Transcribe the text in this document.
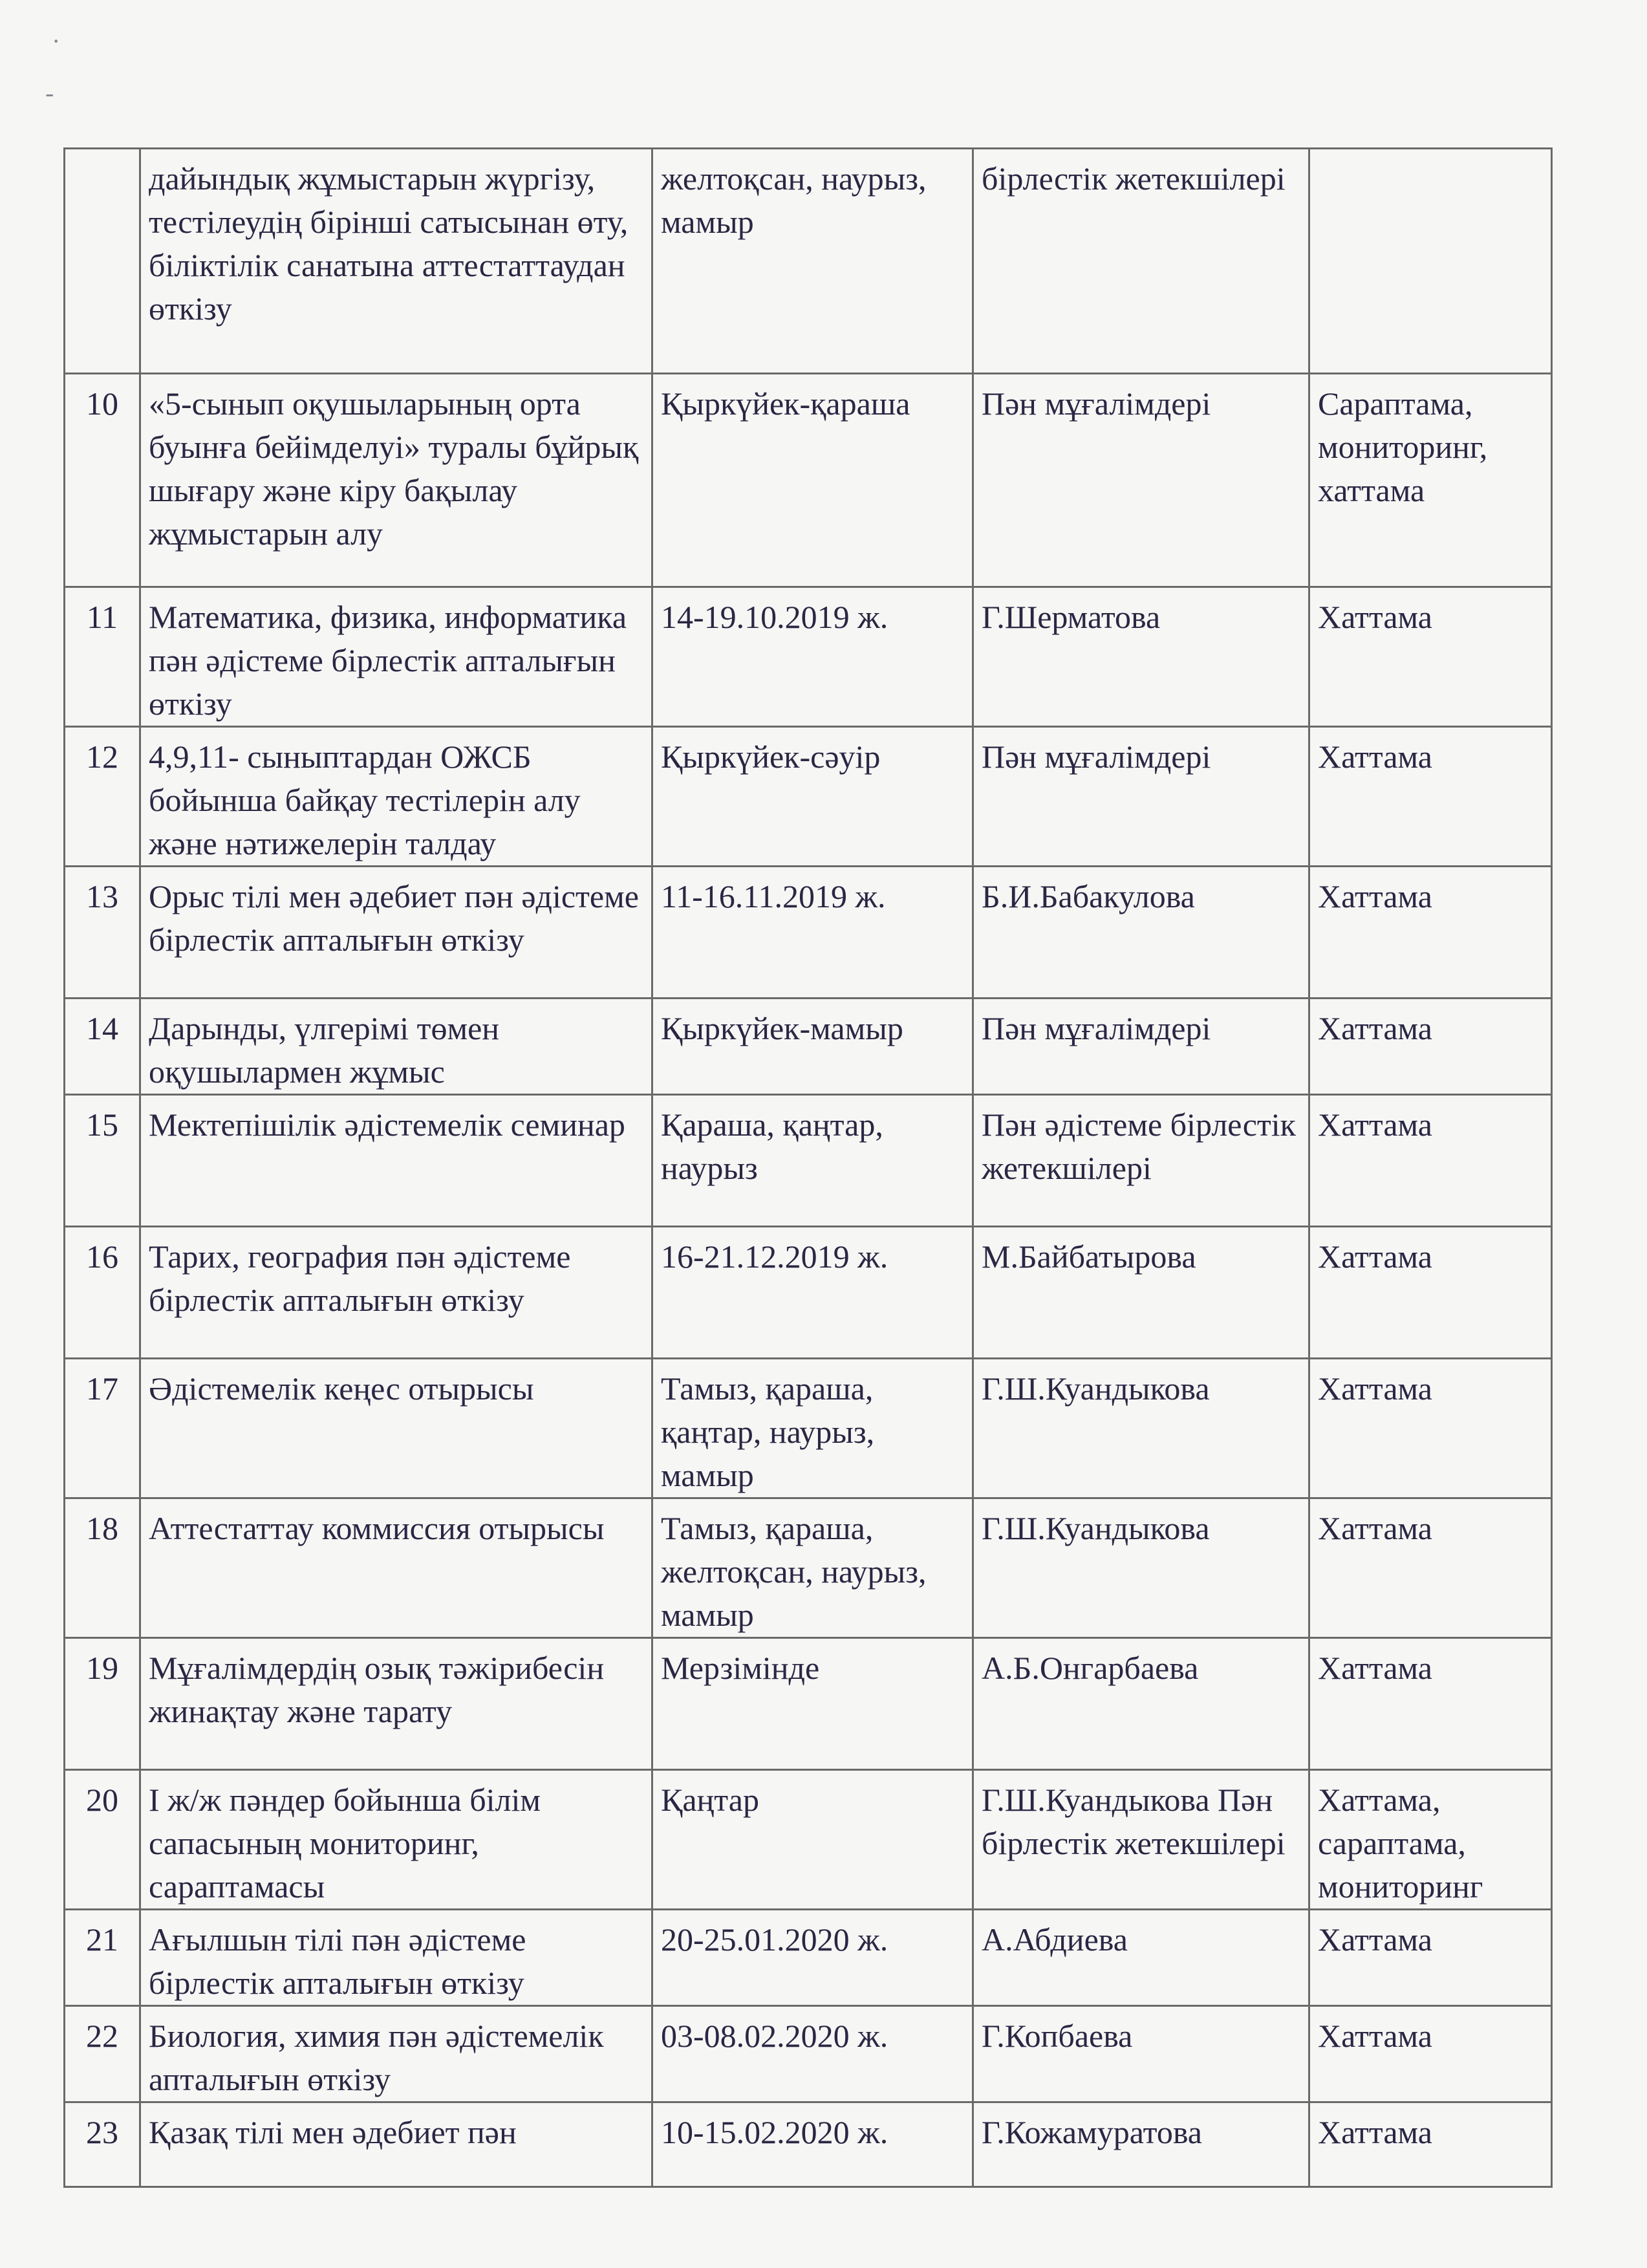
·
-
	дайындық жұмыстарын жүргізу, тестілеудің бірінші сатысынан өту, біліктілік санатына аттестаттаудан өткізу	желтоқсан, наурыз, мамыр	бірлестік жетекшілері	
10	«5-сынып оқушыларының орта буынға бейімделуі» туралы бұйрық шығару және кіру бақылау жұмыстарын алу	Қыркүйек-қараша	Пән мұғалімдері	Сараптама, мониторинг, хаттама
11	Математика, физика, информатика пән әдістеме бірлестік апталығын өткізу	14-19.10.2019 ж.	Г.Шерматова	Хаттама
12	4,9,11- сыныптардан ОЖСБ бойынша байқау тестілерін алу және нәтижелерін талдау	Қыркүйек-сәуір	Пән мұғалімдері	Хаттама
13	Орыс тілі мен әдебиет пән әдістеме бірлестік апталығын өткізу	11-16.11.2019 ж.	Б.И.Бабакулова	Хаттама
14	Дарынды, үлгерімі төмен оқушылармен жұмыс	Қыркүйек-мамыр	Пән мұғалімдері	Хаттама
15	Мектепішілік әдістемелік семинар	Қараша, қаңтар, наурыз	Пән әдістеме бірлестік жетекшілері	Хаттама
16	Тарих, география пән әдістеме бірлестік апталығын өткізу	16-21.12.2019 ж.	М.Байбатырова	Хаттама
17	Әдістемелік кеңес отырысы	Тамыз, қараша, қаңтар, наурыз, мамыр	Г.Ш.Куандыкова	Хаттама
18	Аттестаттау коммиссия отырысы	Тамыз, қараша, желтоқсан, наурыз, мамыр	Г.Ш.Куандыкова	Хаттама
19	Мұғалімдердің озық тәжірибесін жинақтау және тарату	Мерзімінде	А.Б.Онгарбаева	Хаттама
20	І ж/ж пәндер бойынша білім сапасының мониторинг, сараптамасы	Қаңтар	Г.Ш.Куандыкова Пән бірлестік жетекшілері	Хаттама, сараптама, мониторинг
21	Ағылшын тілі пән әдістеме бірлестік апталығын өткізу	20-25.01.2020 ж.	А.Абдиева	Хаттама
22	Биология, химия пән әдістемелік апталығын өткізу	03-08.02.2020 ж.	Г.Копбаева	Хаттама
23	Қазақ тілі мен әдебиет пән	10-15.02.2020 ж.	Г.Кожамуратова	Хаттама
